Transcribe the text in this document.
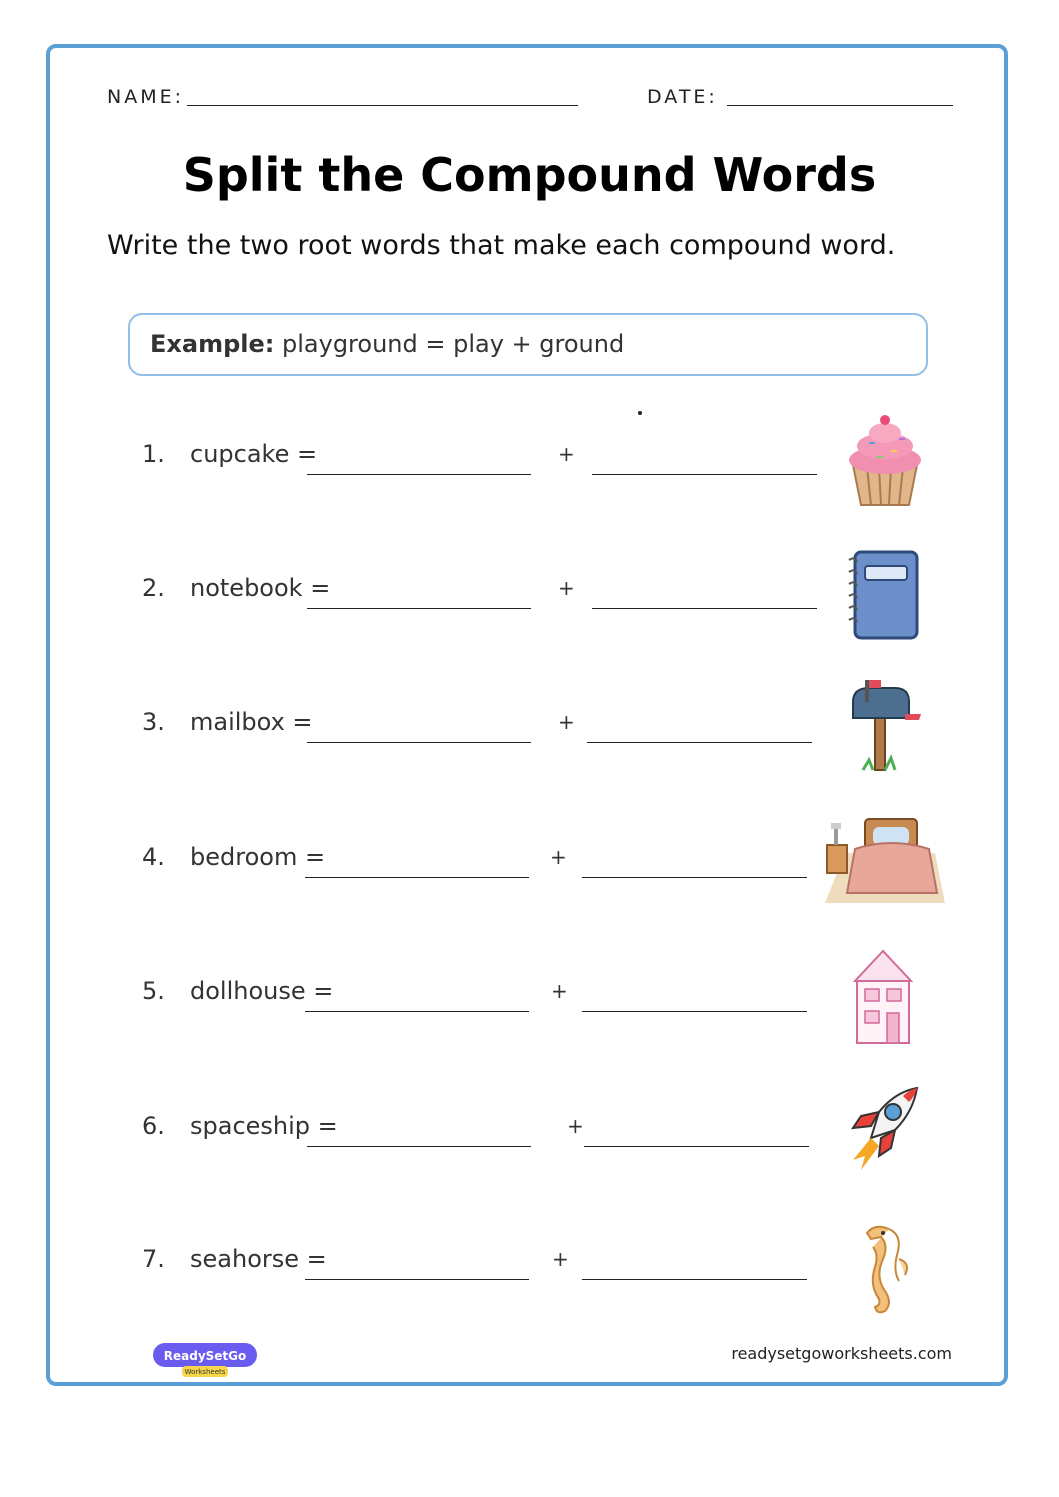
NAME:	DATE:
Split the Compound Words
Write the two root words that make each compound word.
Example: playground = play + ground
1. cupcake =	+
2. notebook =	+
3. mailbox =	+
4. bedroom =	+
5. dollhouse =	+
6. spaceship =	+
7. seahorse =	+
ReadySetGo
Worksheets
readysetgoworksheets.com
